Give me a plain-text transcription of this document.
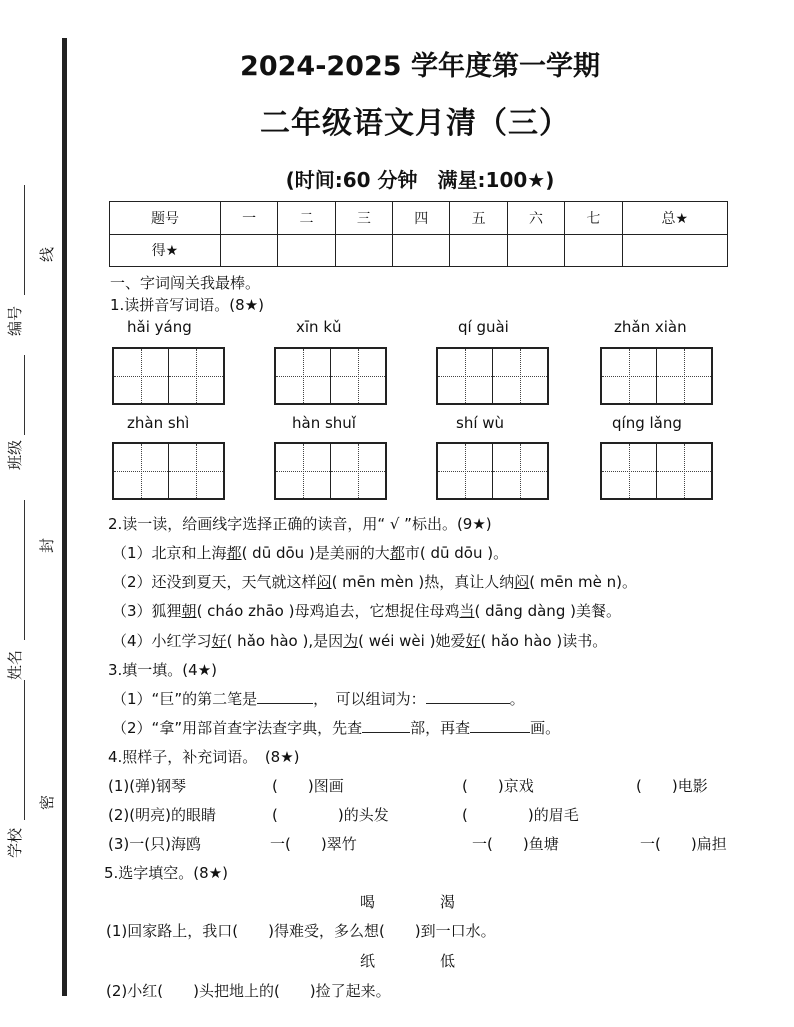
学校
姓名
班级
编号
线
封
密
2024-2025 学年度第一学期
二年级语文月清（三）
(时间:60 分钟　满星:100★)
题号	一	二	三	四	五	六	七	总★
得★								
一、字词闯关我最棒。
1.读拼音写词语。(8★)
hǎi yáng	xīn kǔ	qí guài	zhǎn xiàn
zhàn shì	hàn shuǐ	shí wù	qíng lǎng
2.读一读，给画线字选择正确的读音，用“ √ ”标出。(9★)
（1）北京和上海都( dū dōu )是美丽的大都市( dū dōu )。
（2）还没到夏天，天气就这样闷( mēn mèn )热，真让人纳闷( mēn mè n)。
（3）狐狸朝( cháo zhāo )母鸡追去，它想捉住母鸡当( dāng dàng )美餐。
（4）小红学习好( hǎo hào ),是因为( wéi wèi )她爱好( hǎo hào )读书。
3.填一填。(4★)
（1）“巨”的第二笔是	，　可以组词为：	。
（2）“拿”用部首查字法查字典，先查	部，再查	画。
4.照样子，补充词语。　(8★)
(1)(弹)钢琴	(　　)图画	(　　)京戏	(　　)电影
(2)(明亮)的眼睛	(　　　　)的头发	(　　　　)的眉毛
(3)一(只)海鸥	一(　　)翠竹	一(　　)鱼塘	一(　　)扁担
5.选字填空。(8★)
喝	渴
(1)回家路上，我口(　　)得难受，多么想(　　)到一口水。
纸	低
(2)小红(　　)头把地上的(　　)捡了起来。
